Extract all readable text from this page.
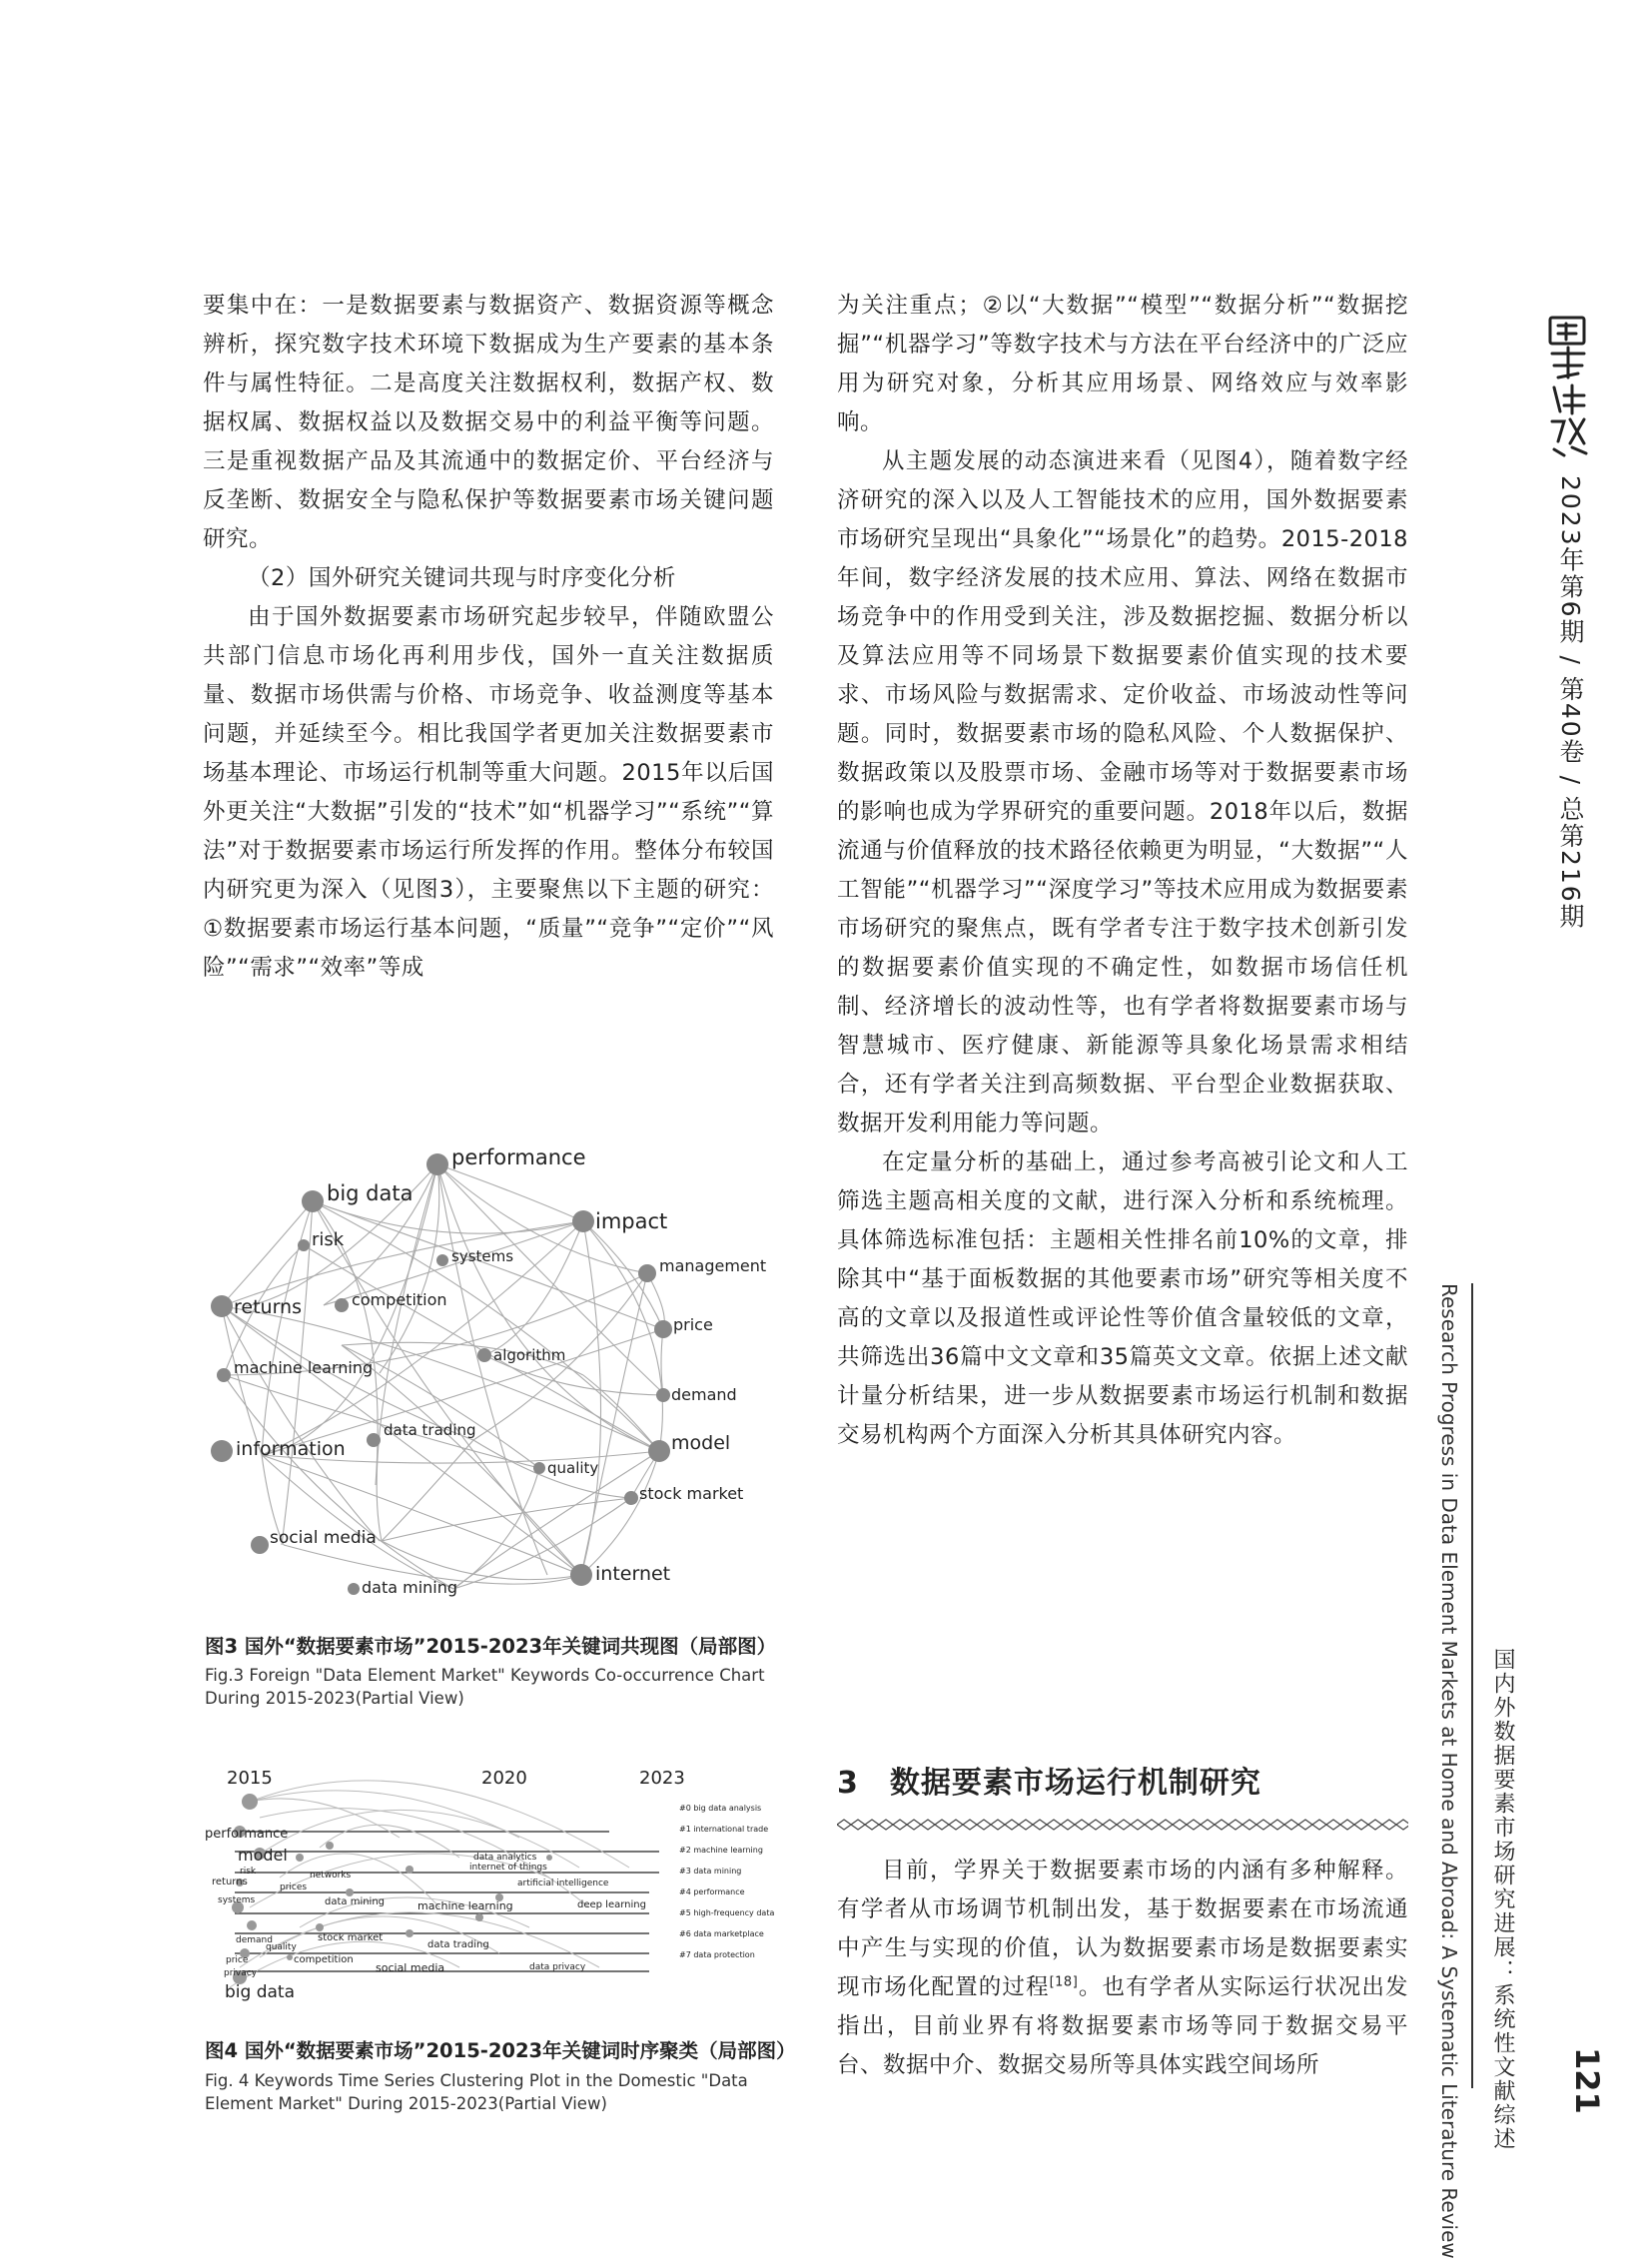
要集中在：一是数据要素与数据资产、数据资源等概念辨析，探究数字技术环境下数据成为生产要素的基本条件与属性特征。二是高度关注数据权利，数据产权、数据权属、数据权益以及数据交易中的利益平衡等问题。三是重视数据产品及其流通中的数据定价、平台经济与反垄断、数据安全与隐私保护等数据要素市场关键问题研究。

（2）国外研究关键词共现与时序变化分析

由于国外数据要素市场研究起步较早，伴随欧盟公共部门信息市场化再利用步伐，国外一直关注数据质量、数据市场供需与价格、市场竞争、收益测度等基本问题，并延续至今。相比我国学者更加关注数据要素市场基本理论、市场运行机制等重大问题。2015年以后国外更关注“大数据”引发的“技术”如“机器学习”“系统”“算法”对于数据要素市场运行所发挥的作用。整体分布较国内研究更为深入（见图3），主要聚焦以下主题的研究：①数据要素市场运行基本问题，“质量”“竞争”“定价”“风险”“需求”“效率”等成

performance
big data
impact
risk
systems	management
returns	competition
price
algorithm
machine learning
demand
information
data trading
model
quality
stock market
social media
internet
data mining
图3 国外“数据要素市场”2015-2023年关键词共现图（局部图）
Fig.3 Foreign "Data Element Market" Keywords Co-occurrence Chart
During 2015-2023(Partial View)
2015	2020	2023
performance
model
risk
returns
networks
prices
systems	data mining
data analytics
internet of things
artificial intelligence
machine learning	deep learning
demand
quality
stock market
data trading
price	competition
privacy	social media	data privacy
big data
#0 big data analysis
#1 international trade
#2 machine learning
#3 data mining
#4 performance
#5 high-frequency data
#6 data marketplace
#7 data protection
图4 国外“数据要素市场”2015-2023年关键词时序聚类（局部图）
Fig. 4 Keywords Time Series Clustering Plot in the Domestic "Data
Element Market" During 2015-2023(Partial View)

为关注重点；②以“大数据”“模型”“数据分析”“数据挖掘”“机器学习”等数字技术与方法在平台经济中的广泛应用为研究对象，分析其应用场景、网络效应与效率影响。

从主题发展的动态演进来看（见图4），随着数字经济研究的深入以及人工智能技术的应用，国外数据要素市场研究呈现出“具象化”“场景化”的趋势。2015-2018年间，数字经济发展的技术应用、算法、网络在数据市场竞争中的作用受到关注，涉及数据挖掘、数据分析以及算法应用等不同场景下数据要素价值实现的技术要求、市场风险与数据需求、定价收益、市场波动性等问题。同时，数据要素市场的隐私风险、个人数据保护、数据政策以及股票市场、金融市场等对于数据要素市场的影响也成为学界研究的重要问题。2018年以后，数据流通与价值释放的技术路径依赖更为明显，“大数据”“人工智能”“机器学习”“深度学习”等技术应用成为数据要素市场研究的聚焦点，既有学者专注于数字技术创新引发的数据要素价值实现的不确定性，如数据市场信任机制、经济增长的波动性等，也有学者将数据要素市场与智慧城市、医疗健康、新能源等具象化场景需求相结合，还有学者关注到高频数据、平台型企业数据获取、数据开发利用能力等问题。

在定量分析的基础上，通过参考高被引论文和人工筛选主题高相关度的文献，进行深入分析和系统梳理。具体筛选标准包括：主题相关性排名前10%的文章，排除其中“基于面板数据的其他要素市场”研究等相关度不高的文章以及报道性或评论性等价值含量较低的文章，共筛选出36篇中文文章和35篇英文文章。依据上述文献计量分析结果，进一步从数据要素市场运行机制和数据交易机构两个方面深入分析其具体研究内容。

3　数据要素市场运行机制研究

目前，学界关于数据要素市场的内涵有多种解释。有学者从市场调节机制出发，基于数据要素在市场流通中产生与实现的价值，认为数据要素市场是数据要素实现市场化配置的过程[18]。也有学者从实际运行状况出发指出，目前业界有将数据要素市场等同于数据交易平台、数据中介、数据交易所等具体实践空间场所

2023年第6期 / 第40卷 / 总第216期
Research Progress in Data Element Markets at Home and Abroad: A Systematic Literature Review 国内外数据要素市场研究进展：系统性文献综述 121
